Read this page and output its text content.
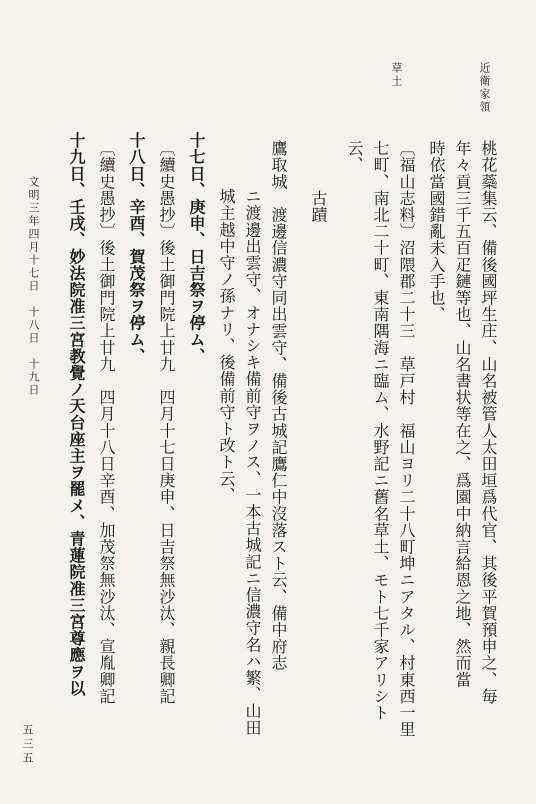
近衛家領
草土
桃花蘂集云、備後國坪生庄、山名被管人太田垣爲代官、其後平賀預申之、毎
年々貢三千五百疋鏈等也、山名書状等在之、爲園中納言給恩之地、然而當
時依當國錯亂未入手也、
〔福山志料〕沼隈郡二十三　草戸村　福山ヨリ二十八町坤ニアタル、村東西一里
七町、南北二十町、東南隅海ニ臨ム、水野記ニ舊名草土、モト七千家アリシト
云、
古蹟
鷹取城　渡邊信濃守同出雲守、備後古城記鷹仁中沒落スト云、備中府志
ニ渡邊出雲守、オナシキ備前守ヲノス、一本古城記ニ信濃守名ハ繁、山田
城主越中守ノ孫ナリ、後備前守ト改ト云、
十七日、庚申、日吉祭ヲ停ム、
〔續史愚抄〕後土御門院上廿九　四月十七日庚申、日吉祭無沙汰、親長卿記
十八日、辛酉、賀茂祭ヲ停ム、
〔續史愚抄〕後土御門院上廿九　四月十八日辛酉、加茂祭無沙汰、宣胤卿記
十九日、壬戌、妙法院准三宮教覺ノ天台座主ヲ罷メ、青蓮院准三宮尊應ヲ以
文明三年四月十七日　十八日　十九日
五三五
